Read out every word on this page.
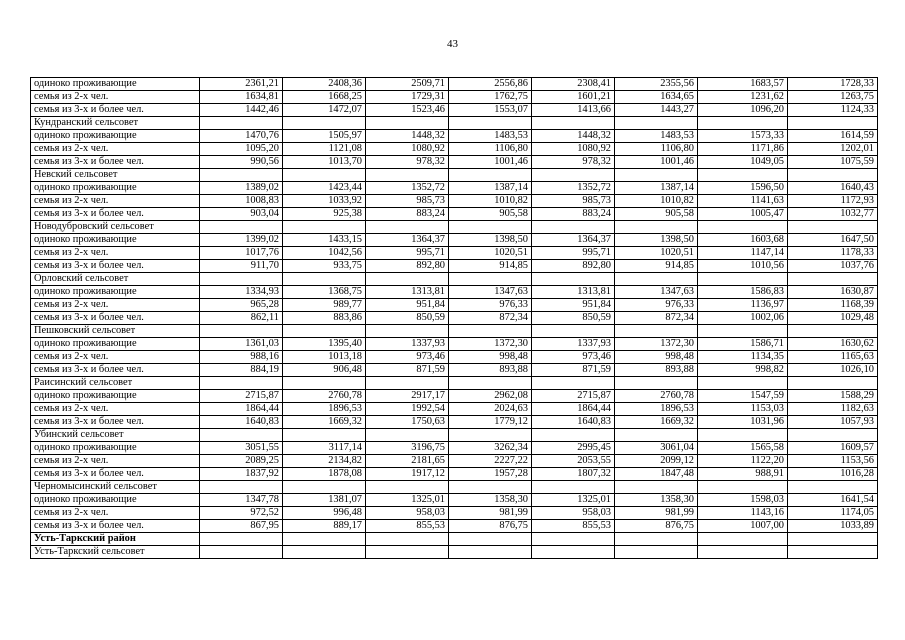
43
одиноко проживающие	2361,21	2408,36	2509,71	2556,86	2308,41	2355,56	1683,57	1728,33
семья из 2-х чел.	1634,81	1668,25	1729,31	1762,75	1601,21	1634,65	1231,62	1263,75
семья из 3-х и более чел.	1442,46	1472,07	1523,46	1553,07	1413,66	1443,27	1096,20	1124,33
Кундранский сельсовет								
одиноко проживающие	1470,76	1505,97	1448,32	1483,53	1448,32	1483,53	1573,33	1614,59
семья из 2-х чел.	1095,20	1121,08	1080,92	1106,80	1080,92	1106,80	1171,86	1202,01
семья из 3-х и более чел.	990,56	1013,70	978,32	1001,46	978,32	1001,46	1049,05	1075,59
Невский сельсовет								
одиноко проживающие	1389,02	1423,44	1352,72	1387,14	1352,72	1387,14	1596,50	1640,43
семья из 2-х чел.	1008,83	1033,92	985,73	1010,82	985,73	1010,82	1141,63	1172,93
семья из 3-х и более чел.	903,04	925,38	883,24	905,58	883,24	905,58	1005,47	1032,77
Новодубровский сельсовет								
одиноко проживающие	1399,02	1433,15	1364,37	1398,50	1364,37	1398,50	1603,68	1647,50
семья из 2-х чел.	1017,76	1042,56	995,71	1020,51	995,71	1020,51	1147,14	1178,33
семья из 3-х и более чел.	911,70	933,75	892,80	914,85	892,80	914,85	1010,56	1037,76
Орловский сельсовет								
одиноко проживающие	1334,93	1368,75	1313,81	1347,63	1313,81	1347,63	1586,83	1630,87
семья из 2-х чел.	965,28	989,77	951,84	976,33	951,84	976,33	1136,97	1168,39
семья из 3-х и более чел.	862,11	883,86	850,59	872,34	850,59	872,34	1002,06	1029,48
Пешковский сельсовет								
одиноко проживающие	1361,03	1395,40	1337,93	1372,30	1337,93	1372,30	1586,71	1630,62
семья из 2-х чел.	988,16	1013,18	973,46	998,48	973,46	998,48	1134,35	1165,63
семья из 3-х и более чел.	884,19	906,48	871,59	893,88	871,59	893,88	998,82	1026,10
Раисинский сельсовет								
одиноко проживающие	2715,87	2760,78	2917,17	2962,08	2715,87	2760,78	1547,59	1588,29
семья из 2-х чел.	1864,44	1896,53	1992,54	2024,63	1864,44	1896,53	1153,03	1182,63
семья из 3-х и более чел.	1640,83	1669,32	1750,63	1779,12	1640,83	1669,32	1031,96	1057,93
Убинский сельсовет								
одиноко проживающие	3051,55	3117,14	3196,75	3262,34	2995,45	3061,04	1565,58	1609,57
семья из 2-х чел.	2089,25	2134,82	2181,65	2227,22	2053,55	2099,12	1122,20	1153,56
семья из 3-х и более чел.	1837,92	1878,08	1917,12	1957,28	1807,32	1847,48	988,91	1016,28
Черномысинский сельсовет								
одиноко проживающие	1347,78	1381,07	1325,01	1358,30	1325,01	1358,30	1598,03	1641,54
семья из 2-х чел.	972,52	996,48	958,03	981,99	958,03	981,99	1143,16	1174,05
семья из 3-х и более чел.	867,95	889,17	855,53	876,75	855,53	876,75	1007,00	1033,89
Усть-Таркский район								
Усть-Таркский сельсовет								
